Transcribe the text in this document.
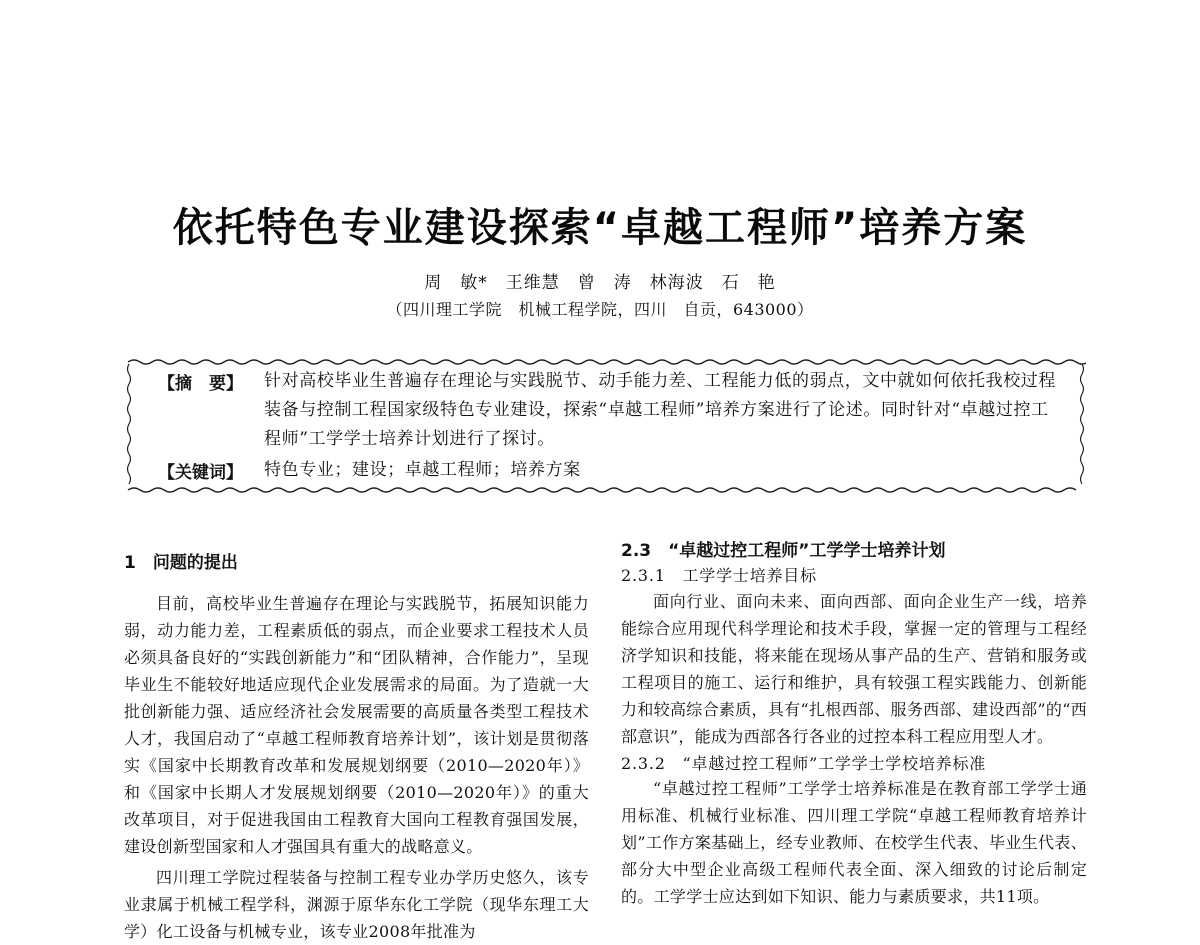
依托特色专业建设探索“卓越工程师”培养方案
周　敏*　王维慧　曾　涛　林海波　石　艳
（四川理工学院　机械工程学院，四川　自贡，643000）
【摘　要】 针对高校毕业生普遍存在理论与实践脱节、动手能力差、工程能力低的弱点，文中就如何依托我校过程装备与控制工程国家级特色专业建设，探索“卓越工程师”培养方案进行了论述。同时针对“卓越过控工程师”工学学士培养计划进行了探讨。
【关键词】 特色专业；建设；卓越工程师；培养方案
1　问题的提出
目前，高校毕业生普遍存在理论与实践脱节，拓展知识能力弱，动力能力差，工程素质低的弱点，而企业要求工程技术人员必须具备良好的“实践创新能力”和“团队精神，合作能力”，呈现毕业生不能较好地适应现代企业发展需求的局面。为了造就一大批创新能力强、适应经济社会发展需要的高质量各类型工程技术人才，我国启动了“卓越工程师教育培养计划”，该计划是贯彻落实《国家中长期教育改革和发展规划纲要（2010—2020年）》和《国家中长期人才发展规划纲要（2010—2020年）》的重大改革项目，对于促进我国由工程教育大国向工程教育强国发展，建设创新型国家和人才强国具有重大的战略意义。
四川理工学院过程装备与控制工程专业办学历史悠久，该专业隶属于机械工程学科，渊源于原华东化工学院（现华东理工大学）化工设备与机械专业，该专业2008年批准为
2.3　“卓越过控工程师”工学学士培养计划
2.3.1　工学学士培养目标
面向行业、面向未来、面向西部、面向企业生产一线，培养能综合应用现代科学理论和技术手段，掌握一定的管理与工程经济学知识和技能，将来能在现场从事产品的生产、营销和服务或工程项目的施工、运行和维护，具有较强工程实践能力、创新能力和较高综合素质，具有“扎根西部、服务西部、建设西部”的“西部意识”，能成为西部各行各业的过控本科工程应用型人才。
2.3.2　“卓越过控工程师”工学学士学校培养标准
“卓越过控工程师”工学学士培养标准是在教育部工学学士通用标准、机械行业标准、四川理工学院“卓越工程师教育培养计划”工作方案基础上，经专业教师、在校学生代表、毕业生代表、部分大中型企业高级工程师代表全面、深入细致的讨论后制定的。工学学士应达到如下知识、能力与素质要求，共11项。
